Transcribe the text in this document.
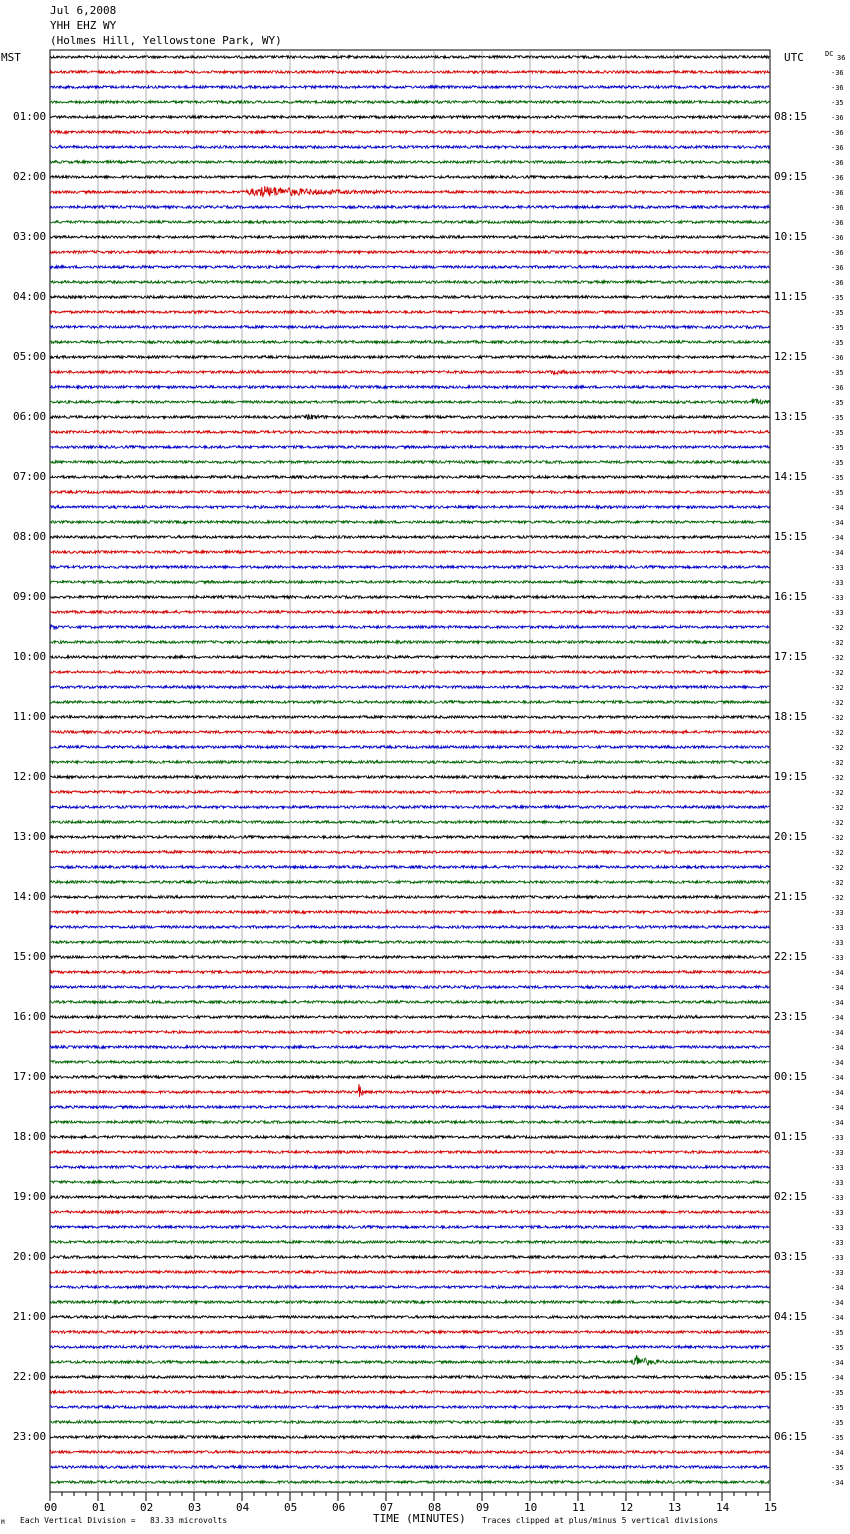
Jul 6,2008
YHH EHZ WY
(Holmes Hill, Yellowstone Park, WY)
MST	UTC	DC
00	01	02	03	04	05	06	07	08	09	10	11	12	13	14	15
01:00
02:00
03:00
04:00
05:00
06:00
07:00
08:00
09:00
10:00
11:00
12:00
13:00
14:00
15:00
16:00
17:00
18:00
19:00
20:00
21:00
22:00
23:00
08:15
09:15
10:15
11:15
12:15
13:15
14:15
15:15
16:15
17:15
18:15
19:15
20:15
21:15
22:15
23:15
00:15
01:15
02:15
03:15
04:15
05:15
06:15
36
-36
-36
-35
-36
-36
-36
-36
-36
-36
-36
-36
-36
-36
-36
-36
-35
-35
-35
-35
-36
-35
-36
-35
-35
-35
-35
-35
-35
-35
-34
-34
-34
-34
-33
-33
-33
-33
-32
-32
-32
-32
-32
-32
-32
-32
-32
-32
-32
-32
-32
-32
-32
-32
-32
-32
-32
-33
-33
-33
-33
-34
-34
-34
-34
-34
-34
-34
-34
-34
-34
-34
-33
-33
-33
-33
-33
-33
-33
-33
-33
-33
-34
-34
-34
-35
-35
-34
-34
-35
-35
-35
-35
-34
-35
-34
TIME (MINUTES)
M Each Vertical Division =   83.33 microvolts	Traces clipped at plus/minus 5 vertical divisions
